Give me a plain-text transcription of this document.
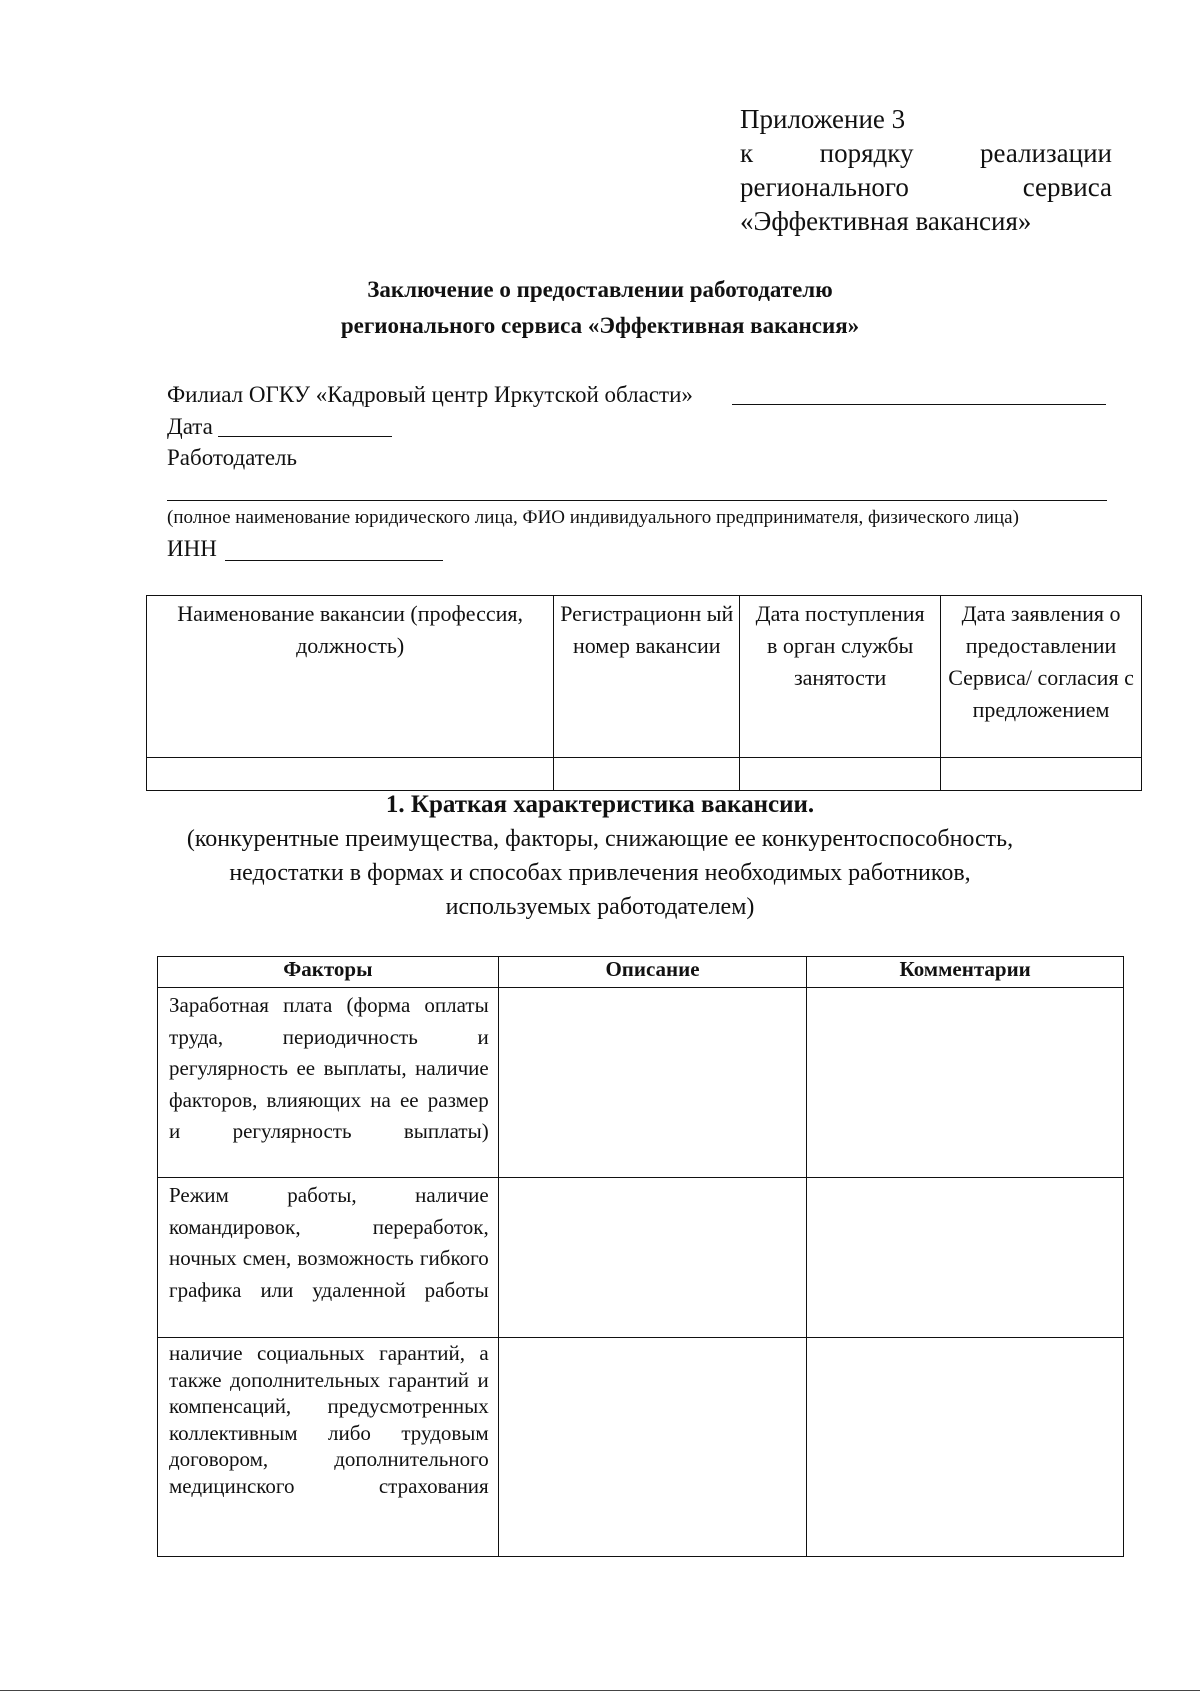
Приложение 3
к порядку реализации
регионального	сервиса
«Эффективная вакансия»
Заключение о предоставлении работодателю
регионального сервиса «Эффективная вакансия»
Филиал ОГКУ «Кадровый центр Иркутской области»
Дата
Работодатель
(полное наименование юридического лица, ФИО индивидуального предпринимателя, физического лица)
ИНН
Наименование вакансии (профессия, должность)	Регистрационн ый номер вакансии	Дата поступления в орган службы занятости	Дата заявления о предоставлении Сервиса/ согласия с предложением

1. Краткая характеристика вакансии.
(конкурентные преимущества, факторы, снижающие ее конкурентоспособность,
недостатки в формах и способах привлечения необходимых работников,
используемых работодателем)
Факторы	Описание	Комментарии
Заработная плата (форма оплаты труда, периодичность и регулярность ее выплаты, наличие факторов, влияющих на ее размер и регулярность выплаты)		
Режим работы, наличие командировок, переработок, ночных смен, возможность гибкого графика или удаленной работы		
наличие социальных гарантий, а также дополнительных гарантий и компенсаций, предусмотренных коллективным либо трудовым договором, дополнительного медицинского страхования		
